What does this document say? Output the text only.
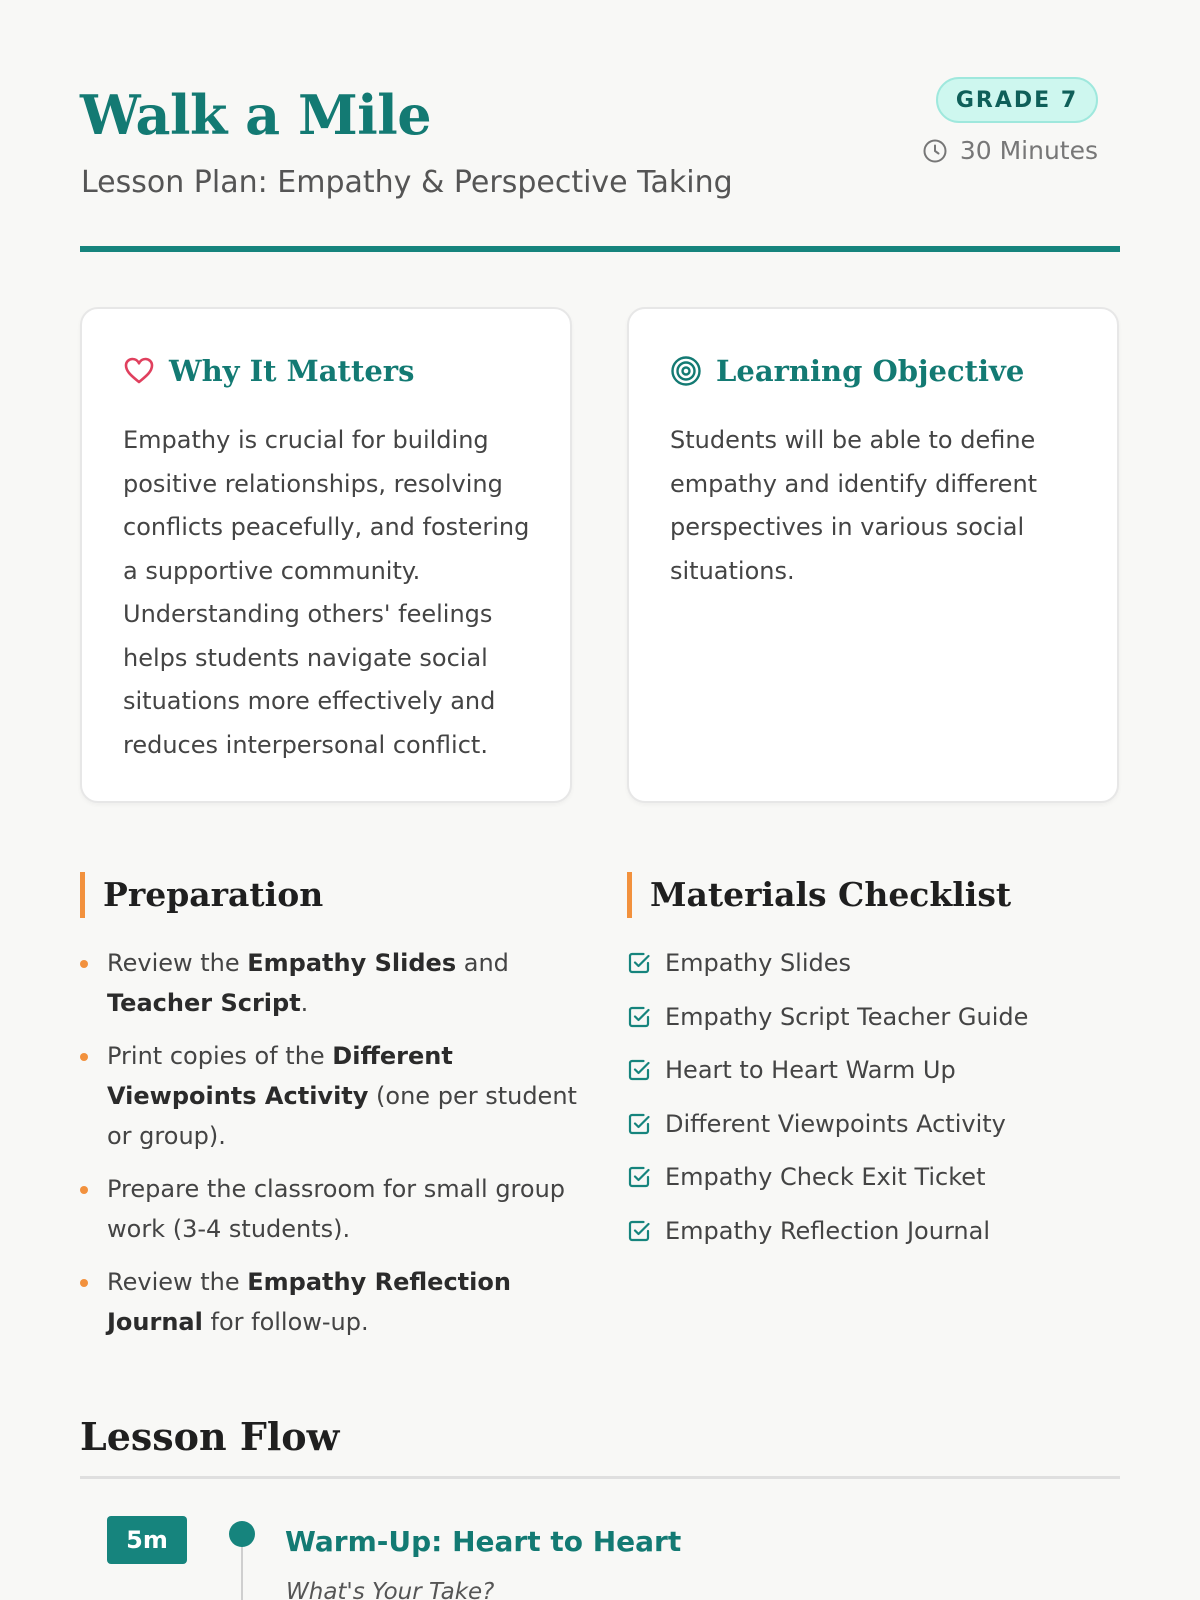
Walk a Mile
Lesson Plan: Empathy & Perspective Taking
GRADE 7
30 Minutes
Why It Matters

Empathy is crucial for building positive relationships, resolving conflicts peacefully, and fostering a supportive community. Understanding others' feelings helps students navigate social situations more effectively and reduces interpersonal conflict.

Learning Objective

Students will be able to define empathy and identify different perspectives in various social situations.

Preparation
Review the Empathy Slides and Teacher Script.
Print copies of the Different Viewpoints Activity (one per student or group).
Prepare the classroom for small group work (3-4 students).
Review the Empathy Reflection Journal for follow-up.
Materials Checklist
Empathy Slides
Empathy Script Teacher Guide
Heart to Heart Warm Up
Different Viewpoints Activity
Empathy Check Exit Ticket
Empathy Reflection Journal
Lesson Flow
5m	Warm-Up: Heart to Heart
What's Your Take?
